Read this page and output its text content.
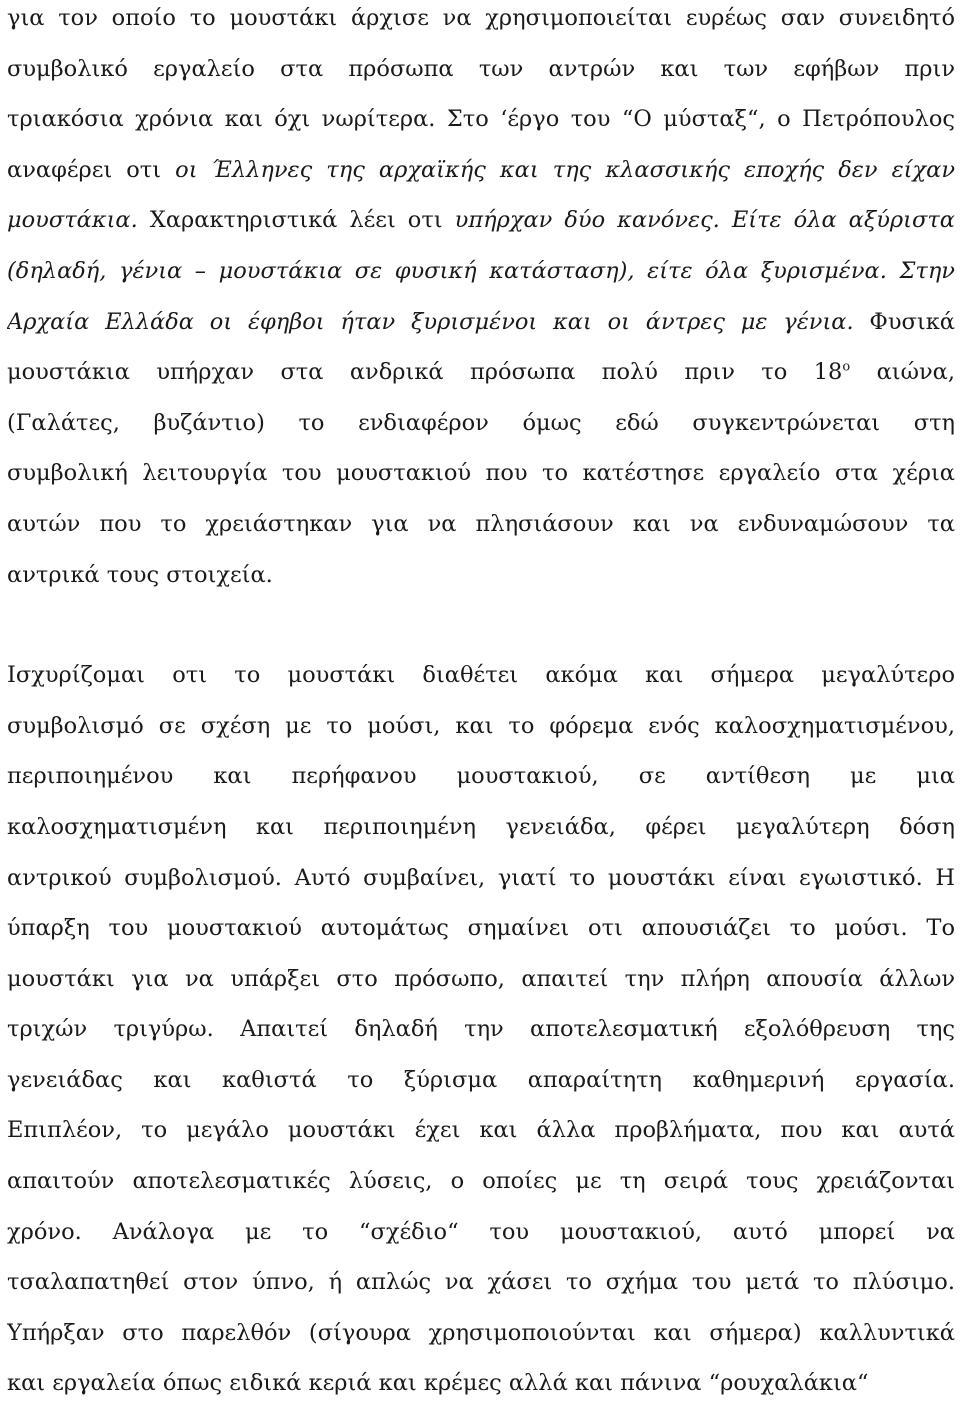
για τον οποίο το μουστάκι άρχισε να χρησιμοποιείται ευρέως σαν συνειδητό
συμβολικό εργαλείο στα πρόσωπα των αντρών και των εφήβων πριν
τριακόσια χρόνια και όχι νωρίτερα. Στο ‘έργο του “Ο μύσταξ“, ο Πετρόπουλος
αναφέρει οτι οι Έλληνες της αρχαϊκής και της κλασσικής εποχής δεν είχαν
μουστάκια. Χαρακτηριστικά λέει οτι υπήρχαν δύο κανόνες. Είτε όλα αξύριστα
(δηλαδή, γένια – μουστάκια σε φυσική κατάσταση), είτε όλα ξυρισμένα. Στην
Αρχαία Ελλάδα οι έφηβοι ήταν ξυρισμένοι και οι άντρες με γένια. Φυσικά
μουστάκια υπήρχαν στα ανδρικά πρόσωπα πολύ πριν το $18^o$ αιώνα,
(Γαλάτες, βυζάντιο) το ενδιαφέρον όμως εδώ συγκεντρώνεται στη
συμβολική λειτουργία του μουστακιού που το κατέστησε εργαλείο στα χέρια
αυτών που το χρειάστηκαν για να πλησιάσουν και να ενδυναμώσουν τα
αντρικά τους στοιχεία.
Ισχυρίζομαι οτι το μουστάκι διαθέτει ακόμα και σήμερα μεγαλύτερο
συμβολισμό σε σχέση με το μούσι, και το φόρεμα ενός καλοσχηματισμένου,
περιποιημένου και περήφανου μουστακιού, σε αντίθεση με μια
καλοσχηματισμένη και περιποιημένη γενειάδα, φέρει μεγαλύτερη δόση
αντρικού συμβολισμού. Αυτό συμβαίνει, γιατί το μουστάκι είναι εγωιστικό. Η
ύπαρξη του μουστακιού αυτομάτως σημαίνει οτι απουσιάζει το μούσι. Το
μουστάκι για να υπάρξει στο πρόσωπο, απαιτεί την πλήρη απουσία άλλων
τριχών τριγύρω. Απαιτεί δηλαδή την αποτελεσματική εξολόθρευση της
γενειάδας και καθιστά το ξύρισμα απαραίτητη καθημερινή εργασία.
Επιπλέον, το μεγάλο μουστάκι έχει και άλλα προβλήματα, που και αυτά
απαιτούν αποτελεσματικές λύσεις, ο οποίες με τη σειρά τους χρειάζονται
χρόνο. Ανάλογα με το “σχέδιο“ του μουστακιού, αυτό μπορεί να
τσαλαπατηθεί στον ύπνο, ή απλώς να χάσει το σχήμα του μετά το πλύσιμο.
Υπήρξαν στο παρελθόν (σίγουρα χρησιμοποιούνται και σήμερα) καλλυντικά
και εργαλεία όπως ειδικά κεριά και κρέμες αλλά και πάνινα “ρουχαλάκια“
